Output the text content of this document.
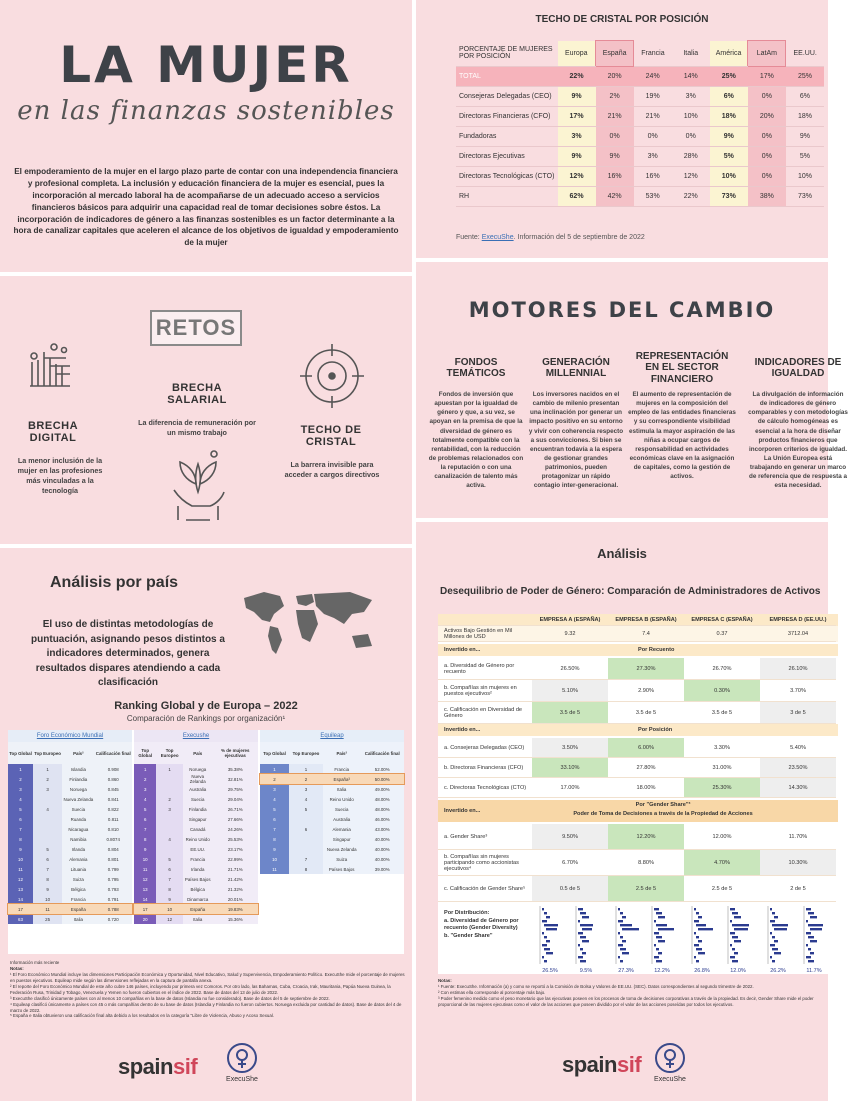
LA MUJER
en las finanzas sostenibles
El empoderamiento de la mujer en el largo plazo parte de contar con una independencia financiera y profesional completa. La inclusión y educación financiera de la mujer es esencial, pues la incorporación al mercado laboral ha de acompañarse de un adecuado acceso a servicios financieros básicos para adquirir una capacidad real de tomar decisiones sobre éstos. La incorporación de indicadores de género a las finanzas sostenibles es un factor determinante a la hora de canalizar capitales que aceleren el alcance de los objetivos de igualdad y empoderamiento de la mujer
TECHO DE CRISTAL POR POSICIÓN
PORCENTAJE DE MUJERES POR POSICIÓN	Europa	España	Francia	Italia	América	LatAm	EE.UU.
TOTAL	22%	20%	24%	14%	25%	17%	25%
Consejeras Delegadas (CEO)	9%	2%	19%	3%	6%	0%	6%
Directoras Financieras (CFO)	17%	21%	21%	10%	18%	20%	18%
Fundadoras	3%	0%	0%	0%	9%	0%	9%
Directoras Ejecutivas	9%	9%	3%	28%	5%	0%	5%
Directoras Tecnológicas (CTO)	12%	16%	16%	12%	10%	0%	10%
RH	62%	42%	53%	22%	73%	38%	73%
Fuente: ExecuShe. Información del 5 de septiembre de 2022
RETOS
BRECHA DIGITAL
La menor inclusión de la mujer en las profesiones más vinculadas a la tecnología
BRECHA SALARIAL
La diferencia de remuneración por un mismo trabajo	TECHO DE CRISTAL
La barrera invisible para acceder a cargos directivos
MOTORES DEL CAMBIO
FONDOS TEMÁTICOS
Fondos de inversión que apuestan por la igualdad de género y que, a su vez, se apoyan en la premisa de que la diversidad de género es totalmente compatible con la rentabilidad, con la reducción de problemas relacionados con la reputación o con una canalización de talento más activa.
GENERACIÓN MILLENNIAL
Los inversores nacidos en el cambio de milenio presentan una inclinación por generar un impacto positivo en su entorno y vivir con coherencia respecto a sus convicciones. Si bien se encuentran todavía a la espera de gestionar grandes patrimonios, pueden protagonizar un rápido contagio inter-generacional.
REPRESENTACIÓN EN EL SECTOR FINANCIERO
El aumento de representación de mujeres en la composición del empleo de las entidades financieras y su correspondiente visibilidad estimula la mayor aspiración de las niñas a ocupar cargos de responsabilidad en actividades económicas clave en la asignación de capitales, como la gestión de activos.
INDICADORES DE IGUALDAD
La divulgación de información de indicadores de género comparables y con metodologías de cálculo homogéneas es esencial a la hora de diseñar productos financieros que incorporen criterios de igualdad. La Unión Europea está trabajando en generar un marco de referencia que de respuesta a esta necesidad.
Análisis por país
El uso de distintas metodologías de puntuación, asignando pesos distintos a indicadores determinados, genera resultados dispares atendiendo a cada clasificación
Ranking Global y de Europa – 2022
Comparación de Rankings por organización¹
Foro Económico Mundial	Execushe	Equileap
Top Global	Top Europeo	País²	Calificación final
1	1	Islandia	0.908
2	2	Finlandia	0.860
3	3	Noruega	0.845
4		Nueva Zelanda	0.841
5	4	Suecia	0.822
6		Ruanda	0.811
7		Nicaragua	0.810
8		Namibia	0.8074
9	5	Irlanda	0.804
10	6	Alemania	0.801
11	7	Lituania	0.799
12	8	Suiza	0.795
13	9	Bélgica	0.793
14	10	Francia	0.791
17	11	España	0.788
63	25	Italia	0.720
Top Global	Top Europeo	País	% de mujeres ejecutivas
1	1	Noruega	35.38%
2		Nueva Zelanda	32.81%
3		Australia	29.75%
4	2	Suecia	29.04%
5	3	Finlandia	26.71%
6		Singapur	27.66%
7		Canadá	24.26%
8	4	Reino Unido	25.53%
9		EE.UU.	23.17%
10	5	Francia	22.99%
11	6	Irlanda	21.71%
12	7	Países Bajos	21.42%
13	8	Bélgica	21.32%
14	9	Dinamarca	20.01%
17	10	España	19.83%
20	12	Italia	15.36%
Top Global	Top Europeo	País²	Calificación final
1	1	Francia	52.00%
2	2	España³	50.00%
3	3	Italia	49.00%
4	4	Reino Unido	48.00%
5	5	Suecia	48.00%
6		Australia	46.00%
7	6	Alemania	43.00%
8		Singapur	40.00%
9		Nueva Zelanda	40.00%
10	7	Suiza	40.00%
11	8	Países Bajos	39.00%
Información más reciente
Notas:
¹ El Foro Económico Mundial incluye las dimensiones Participación Económica y Oportunidad, Nivel Educativo, Salud y Supervivencia, Empoderamiento Político. ExecuShe mide el porcentaje de mujeres en puestos ejecutivos. Equileap mide según las dimensiones reflejadas en la captura de pantalla anexa.
² El reporte del Foro Económico Mundial de este año cubre 146 países, incluyendo por primera vez Comoros. Por otro lado, las Bahamas, Cuba, Croacia, Irak, Mauritania, Papúa Nueva Guinea, la Federación Rusa, Trinidad y Tobago, Venezuela y Yemen no fueron cubiertos en el índice de 2022. Base de datos del 13 de julio de 2022.
³ ExecuShe clasificó únicamente países con al menos 10 compañías en la base de datos (Islandia no fue considerado). Base de datos del 5 de septiembre de 2022.
⁴ Equileap clasificó únicamente a países con 45 o más compañías dentro de su base de datos (Islandia y Finlandia no fueron cubiertos. Noruega excluida por cantidad de datos). Base de datos del 4 de marzo de 2022.
⁵ España e Italia obtuvieron una calificación final alta debido a los resultados en la categoría "Libre de Violencia, Abuso y Acoso Sexual.
spainsif
ExecuShe
Análisis
Desequilibrio de Poder de Género: Comparación de Administradores de Activos
EMPRESA A (ESPAÑA)	EMPRESA B (ESPAÑA)	EMPRESA C (ESPAÑA)	EMPRESA D (EE.UU.)
Activos Bajo Gestión en Mil Millones de USD	9.32	7.4	0.37	3712.04
Invertido en...	Por Recuento
a. Diversidad de Género por recuento	26.50%	27.30%	26.70%	26.10%
b. Compañías sin mujeres en puestos ejecutivos²	5.10%	2.90%	0.30%	3.70%
c. Calificación en Diversidad de Género	3.5 de 5	3.5 de 5	3.5 de 5	3 de 5
Invertido en...	Por Posición
a. Consejeras Delegadas (CEO)	3.50%	6.00%	3.30%	5.40%
b. Directoras Financieras (CFO)	33.10%	27.80%	31.00%	23.50%
c. Directoras Tecnológicas (CTO)	17.00%	18.00%	25.30%	14.30%
Invertido en...
Por "Gender Share"³
Poder de Toma de Decisiones a través de la Propiedad de Acciones
a. Gender Share³	9.50%	12.20%	12.00%	11.70%
b. Compañías sin mujeres participando como accionistas ejecutivos⁴
6.70%	8.80%	4.70%	10.30%
c. Calificación de Gender Share⁵	0.5 de 5	2.5 de 5	2.5 de 5	2 de 5
Por Distribución:
a. Diversidad de Género por recuento (Gender Diversity)
b. "Gender Share"
26.5%	9.5%	27.3%	12.2%	26.8%	12.0%	26.2%	11.7%
Notas:
¹ Fuente: ExecuShe. Información (a) y como se reportó a la Comisión de Bolsa y Valores de EE.UU. (SEC). Datos correspondientes al segundo trimestre de 2022.
² Con estimas ella corresponde al porcentaje más bajo.
³ Poder femenino medido como el peso monetario que las ejecutivas poseen en los procesos de toma de decisiones corporativas a través de la propiedad. Es decir, Gender Share mide el poder proporcional de las mujeres ejecutivas como el valor de las acciones que poseen dividido por el valor de las acciones poseídas por todos los ejecutivos.
spainsif
ExecuShe
